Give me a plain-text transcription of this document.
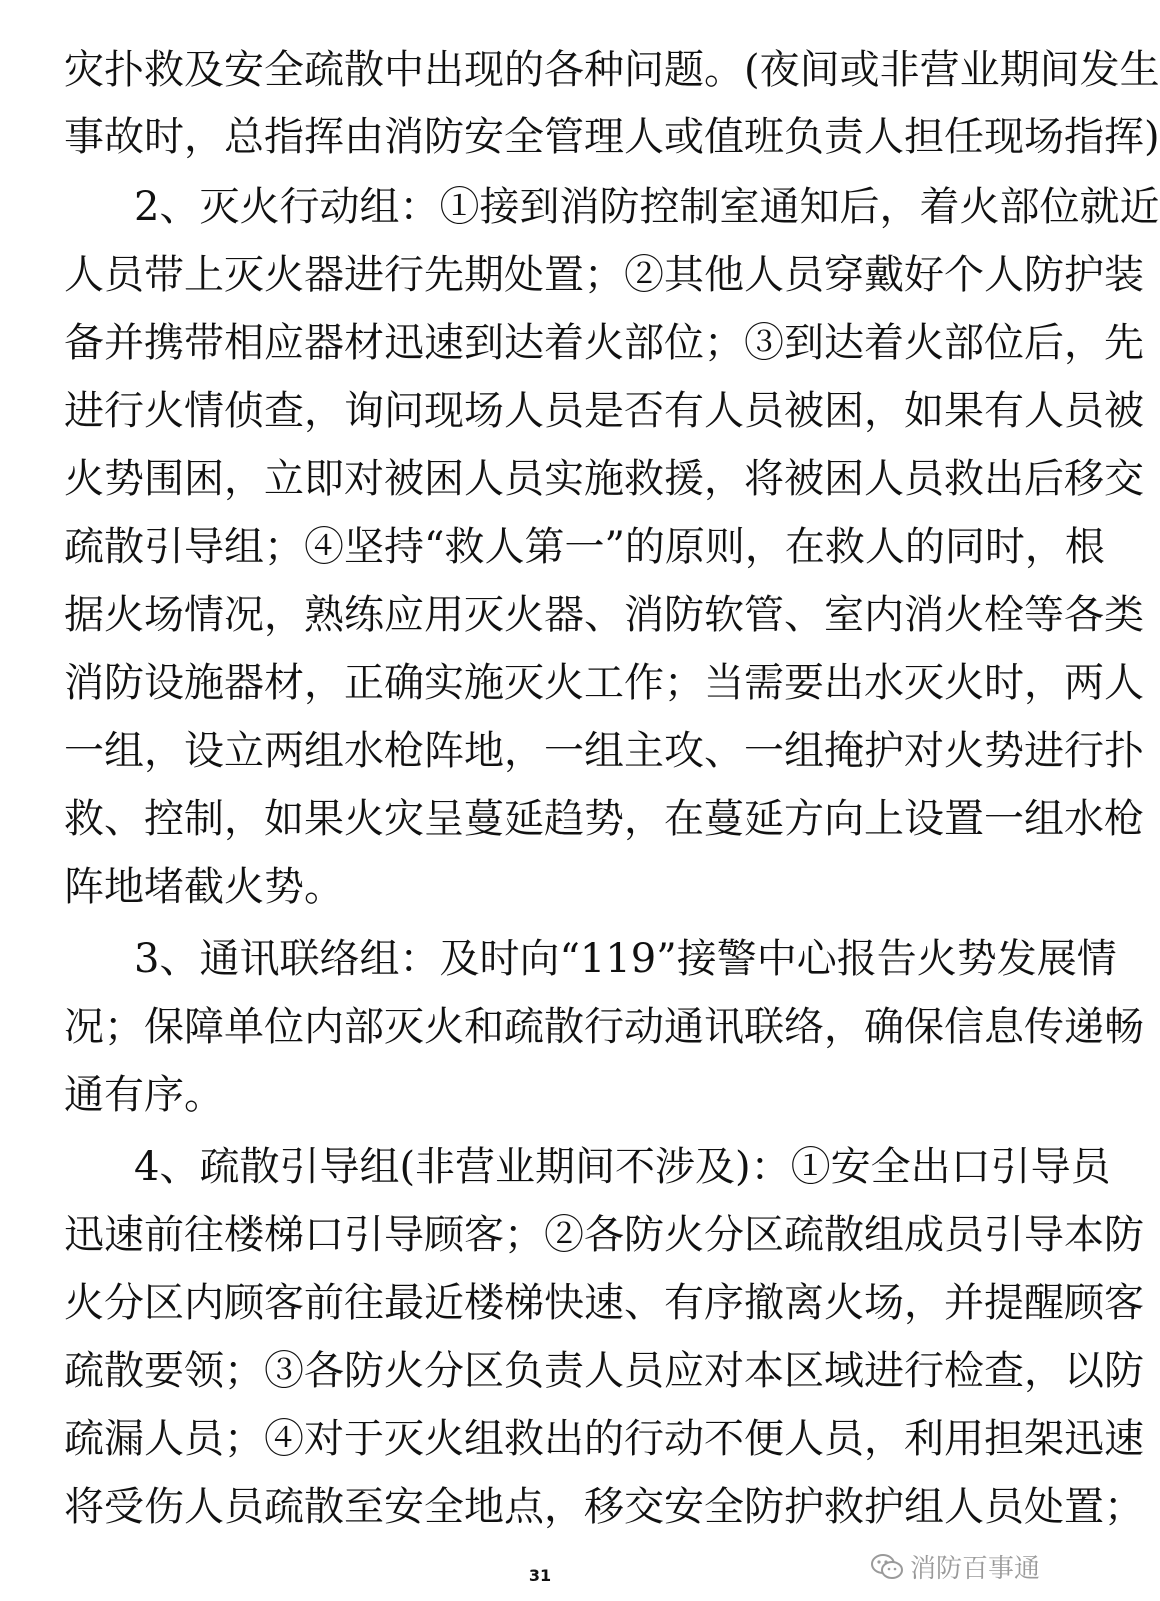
灾扑救及安全疏散中出现的各种问题。(夜间或非营业期间发生
事故时，总指挥由消防安全管理人或值班负责人担任现场指挥)
2、灭火行动组：①接到消防控制室通知后，着火部位就近
人员带上灭火器进行先期处置；②其他人员穿戴好个人防护装
备并携带相应器材迅速到达着火部位；③到达着火部位后，先
进行火情侦查，询问现场人员是否有人员被困，如果有人员被
火势围困，立即对被困人员实施救援，将被困人员救出后移交
疏散引导组；④坚持“救人第一”的原则，在救人的同时，根
据火场情况，熟练应用灭火器、消防软管、室内消火栓等各类
消防设施器材，正确实施灭火工作；当需要出水灭火时，两人
一组，设立两组水枪阵地，一组主攻、一组掩护对火势进行扑
救、控制，如果火灾呈蔓延趋势，在蔓延方向上设置一组水枪
阵地堵截火势。
3、通讯联络组：及时向“119”接警中心报告火势发展情
况；保障单位内部灭火和疏散行动通讯联络，确保信息传递畅
通有序。
4、疏散引导组(非营业期间不涉及)：①安全出口引导员
迅速前往楼梯口引导顾客；②各防火分区疏散组成员引导本防
火分区内顾客前往最近楼梯快速、有序撤离火场，并提醒顾客
疏散要领；③各防火分区负责人员应对本区域进行检查，以防
疏漏人员；④对于灭火组救出的行动不便人员，利用担架迅速
将受伤人员疏散至安全地点，移交安全防护救护组人员处置；
31	消防百事通
